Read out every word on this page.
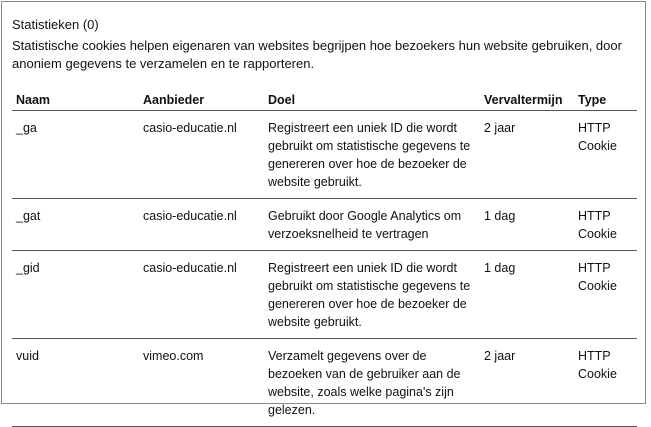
Statistieken (0)

Statistische cookies helpen eigenaren van websites begrijpen hoe bezoekers hun website gebruiken, door anoniem gegevens te verzamelen en te rapporteren.

Naam	Aanbieder	Doel	Vervaltermijn	Type
_ga	casio-educatie.nl	Registreert een uniek ID die wordt gebruikt om statistische gegevens te genereren over hoe de bezoeker de website gebruikt.	2 jaar	HTTP Cookie
_gat	casio-educatie.nl	Gebruikt door Google Analytics om verzoeksnelheid te vertragen	1 dag	HTTP Cookie
_gid	casio-educatie.nl	Registreert een uniek ID die wordt gebruikt om statistische gegevens te genereren over hoe de bezoeker de website gebruikt.	1 dag	HTTP Cookie
vuid	vimeo.com	Verzamelt gegevens over de bezoeken van de gebruiker aan de website, zoals welke pagina's zijn gelezen.	2 jaar	HTTP Cookie
